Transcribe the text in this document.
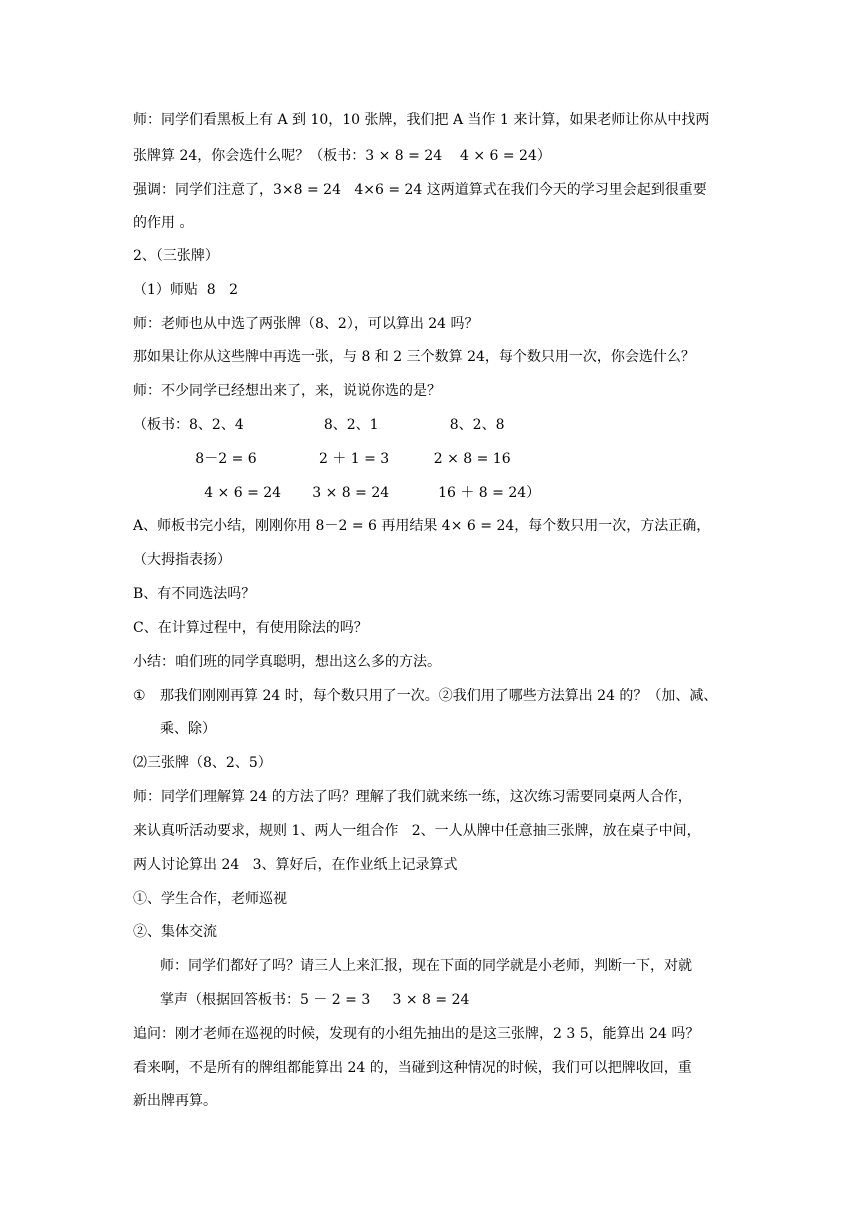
师：同学们看黑板上有 A 到 10，10 张牌，我们把 A 当作 1 来计算，如果老师让你从中找两
张牌算 24，你会选什么呢？（板书：3 × 8 = 24    4 × 6 = 24）
强调：同学们注意了，3×8 = 24   4×6 = 24 这两道算式在我们今天的学习里会起到很重要
的作用 。
2、（三张牌）
（1）师贴  8   2
师：老师也从中选了两张牌（8、2），可以算出 24 吗？
那如果让你从这些牌中再选一张，与 8 和 2 三个数算 24，每个数只用一次，你会选什么？
师：不少同学已经想出来了，来，说说你选的是？
（板书：8、2、4                  8、2、1                8、2、8
8－2 = 6              2 ＋ 1 = 3          2 × 8 = 16
4 × 6 = 24       3 × 8 = 24           16 ＋ 8 = 24）
A、师板书完小结，刚刚你用 8－2 = 6 再用结果 4× 6 = 24，每个数只用一次，方法正确，
（大拇指表扬）
B、有不同选法吗？
C、在计算过程中，有使用除法的吗？
小结：咱们班的同学真聪明，想出这么多的方法。
① 那我们刚刚再算 24 时，每个数只用了一次。②我们用了哪些方法算出 24 的？（加、减、
乘、除）
⑵三张牌（8、2、5）
师：同学们理解算 24 的方法了吗？理解了我们就来练一练，这次练习需要同桌两人合作，
来认真听活动要求，规则 1、两人一组合作   2、一人从牌中任意抽三张牌，放在桌子中间，
两人讨论算出 24   3、算好后，在作业纸上记录算式
①、学生合作，老师巡视
②、集体交流
师：同学们都好了吗？请三人上来汇报，现在下面的同学就是小老师，判断一下，对就
掌声（根据回答板书：5 － 2 = 3     3 × 8 = 24
追问：刚才老师在巡视的时候，发现有的小组先抽出的是这三张牌，2 3 5，能算出 24 吗？
看来啊，不是所有的牌组都能算出 24 的，当碰到这种情况的时候，我们可以把牌收回，重
新出牌再算。
